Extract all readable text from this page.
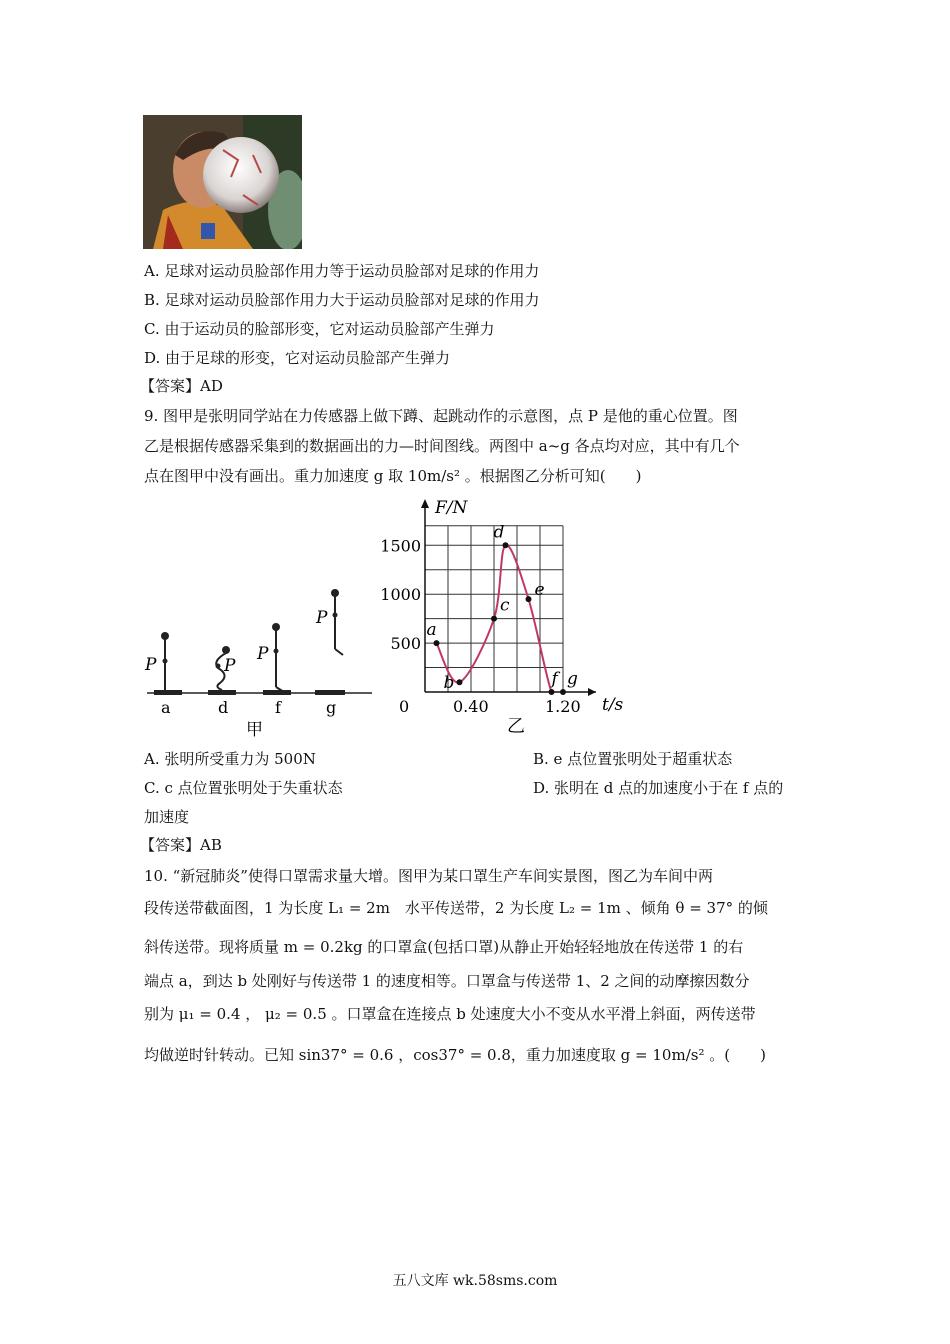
A. 足球对运动员脸部作用力等于运动员脸部对足球的作用力
B. 足球对运动员脸部作用力大于运动员脸部对足球的作用力
C. 由于运动员的脸部形变，它对运动员脸部产生弹力
D. 由于足球的形变，它对运动员脸部产生弹力
【答案】AD
9. 图甲是张明同学站在力传感器上做下蹲、起跳动作的示意图，点 P 是他的重心位置。图
乙是根据传感器采集到的数据画出的力—时间图线。两图中 a~g 各点均对应，其中有几个
点在图甲中没有画出。重力加速度 g 取 10m/s² 。根据图乙分析可知(　　)
P	P
P
P
a	d	f	g
甲
F/N
t/s
500
1000
1500
0	0.40	1.20
a
b
c
d
e
f g
乙
A. 张明所受重力为 500N	B. e 点位置张明处于超重状态
C. c 点位置张明处于失重状态	D. 张明在 d 点的加速度小于在 f 点的
加速度
【答案】AB
10. “新冠肺炎”使得口罩需求量大增。图甲为某口罩生产车间实景图，图乙为车间中两
段传送带截面图，1 为长度 L₁ = 2m　水平传送带，2 为长度 L₂ = 1m 、倾角 θ = 37° 的倾
斜传送带。现将质量 m = 0.2kg 的口罩盒(包括口罩)从静止开始轻轻地放在传送带 1 的右
端点 a，到达 b 处刚好与传送带 1 的速度相等。口罩盒与传送带 1、2 之间的动摩擦因数分
别为 μ₁ = 0.4 ， μ₂ = 0.5 。口罩盒在连接点 b 处速度大小不变从水平滑上斜面，两传送带
均做逆时针转动。已知 sin37° = 0.6 ，cos37° = 0.8，重力加速度取 g = 10m/s² 。(　　)
五八文库 wk.58sms.com
